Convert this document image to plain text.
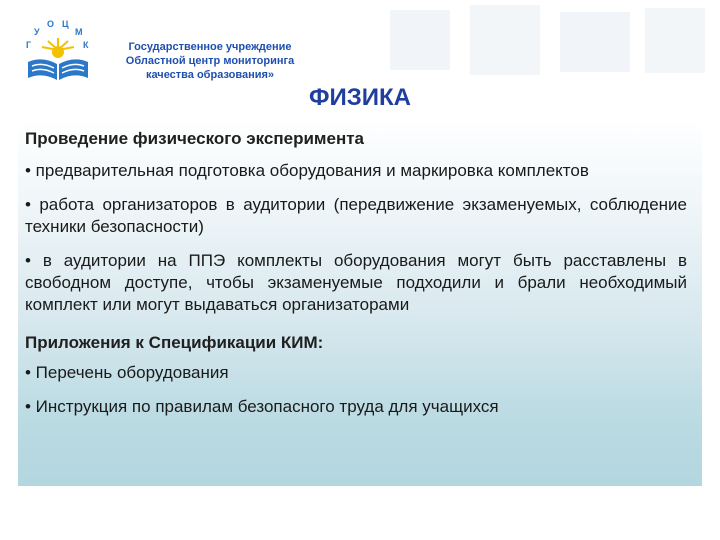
Г
У
О Ц
М
К	Государственное учреждение
Областной центр мониторинга
качества образования»
ФИЗИКА
Проведение физического эксперимента
• предварительная подготовка оборудования и маркировка комплектов
• работа организаторов в аудитории (передвижение экзаменуемых, соблюдение техники безопасности)
• в аудитории на ППЭ комплекты оборудования могут быть расставлены в свободном доступе, чтобы экзаменуемые подходили и брали необходимый комплект или могут выдаваться организаторами
Приложения к Спецификации КИМ:
• Перечень оборудования
• Инструкция по правилам безопасного труда для учащихся
